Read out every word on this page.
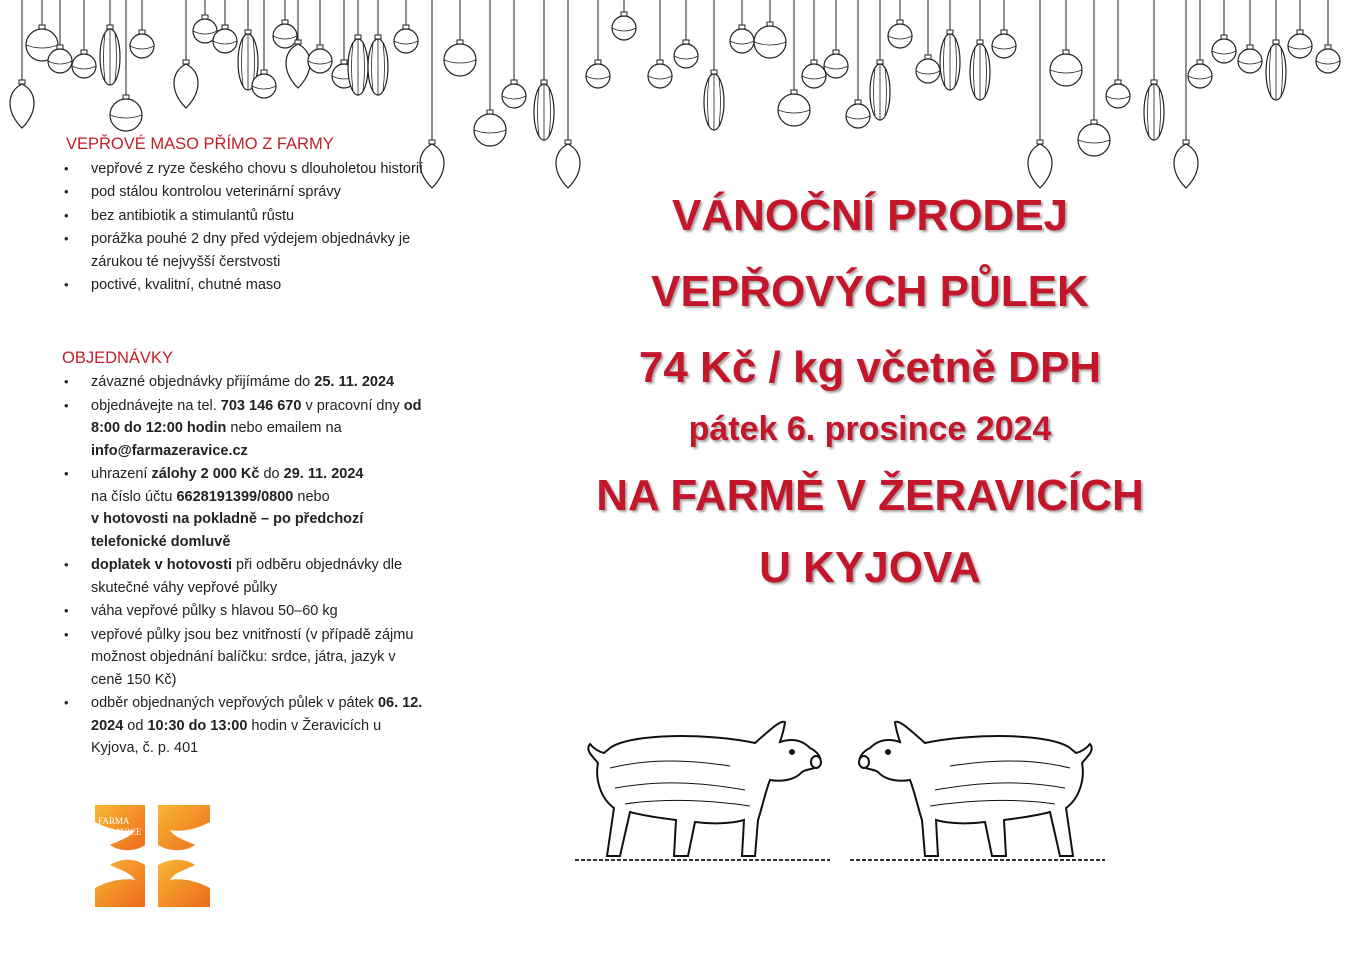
VEPŘOVÉ MASO PŘÍMO Z FARMY
• vepřové z ryze českého chovu s dlouholetou historií
• pod stálou kontrolou veterinární správy
• bez antibiotik a stimulantů růstu
• porážka pouhé 2 dny před výdejem objednávky je zárukou té nejvyšší čerstvosti
• poctivé, kvalitní, chutné maso
OBJEDNÁVKY
• závazné objednávky přijímáme do 25. 11. 2024
• objednávejte na tel. 703 146 670 v pracovní dny od 8:00 do 12:00 hodin nebo emailem na info@farmazeravice.cz
• uhrazení zálohy 2 000 Kč do 29. 11. 2024
na číslo účtu 6628191399/0800 nebo
v hotovosti na pokladně – po předchozí telefonické domluvě
• doplatek v hotovosti při odběru objednávky dle skutečné váhy vepřové půlky
• váha vepřové půlky s hlavou 50–60 kg
• vepřové půlky jsou bez vnitřností (v případě zájmu možnost objednání balíčku: srdce, játra, jazyk v ceně 150 Kč)
• odběr objednaných vepřových půlek v pátek 06. 12. 2024 od 10:30 do 13:00 hodin v Žeravicích u Kyjova, č. p. 401
VÁNOČNÍ PRODEJ
VEPŘOVÝCH PŮLEK
74 Kč / kg včetně DPH
pátek 6. prosince 2024
NA FARMĚ V ŽERAVICÍCH
U KYJOVA
FARMA
ŽERAVICE
